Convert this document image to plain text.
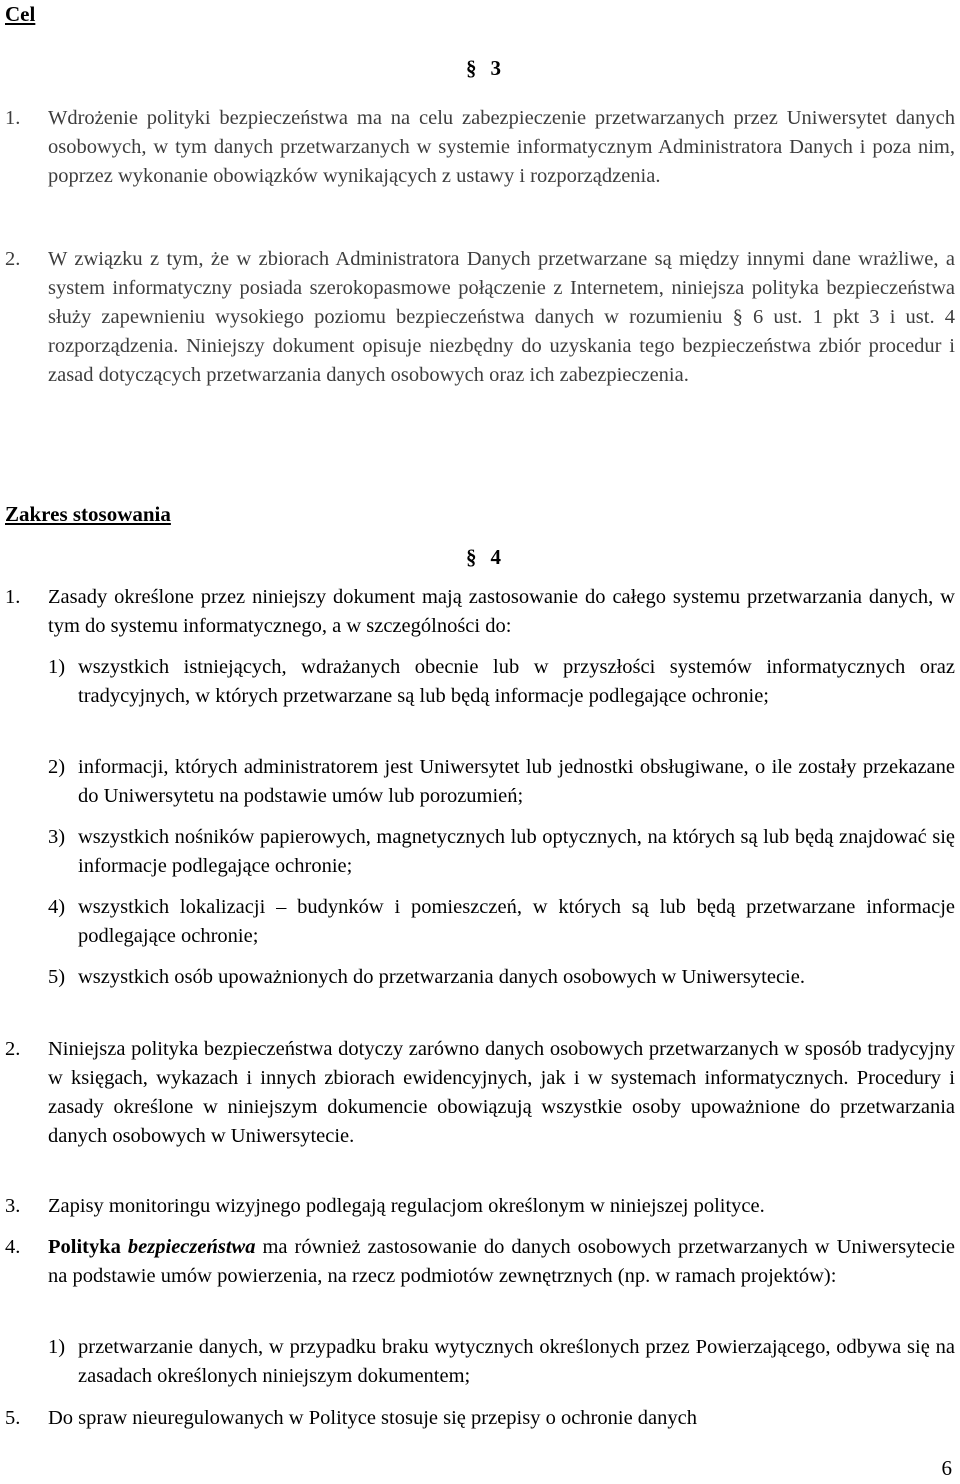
Cel
§ 3
1. Wdrożenie polityki bezpieczeństwa ma na celu zabezpieczenie przetwarzanych przez Uniwersytet danych osobowych, w tym danych przetwarzanych w systemie informatycznym Administratora Danych i poza nim, poprzez wykonanie obowiązków wynikających z ustawy i rozporządzenia.
2. W związku z tym, że w zbiorach Administratora Danych przetwarzane są między innymi dane wrażliwe, a system informatyczny posiada szerokopasmowe połączenie z Internetem, niniejsza polityka bezpieczeństwa służy zapewnieniu wysokiego poziomu bezpieczeństwa danych w rozumieniu § 6 ust. 1 pkt 3 i ust. 4 rozporządzenia. Niniejszy dokument opisuje niezbędny do uzyskania tego bezpieczeństwa zbiór procedur i zasad dotyczących przetwarzania danych osobowych oraz ich zabezpieczenia.
Zakres stosowania
§ 4
1. Zasady określone przez niniejszy dokument mają zastosowanie do całego systemu przetwarzania danych, w tym do systemu informatycznego, a w szczególności do:
1) wszystkich istniejących, wdrażanych obecnie lub w przyszłości systemów informatycznych oraz tradycyjnych, w których przetwarzane są lub będą informacje podlegające ochronie;
2) informacji, których administratorem jest Uniwersytet lub jednostki obsługiwane, o ile zostały przekazane do Uniwersytetu na podstawie umów lub porozumień;
3) wszystkich nośników papierowych, magnetycznych lub optycznych, na których są lub będą znajdować się informacje podlegające ochronie;
4) wszystkich lokalizacji – budynków i pomieszczeń, w których są lub będą przetwarzane informacje podlegające ochronie;
5) wszystkich osób upoważnionych do przetwarzania danych osobowych w Uniwersytecie.
2. Niniejsza polityka bezpieczeństwa dotyczy zarówno danych osobowych przetwarzanych w sposób tradycyjny w księgach, wykazach i innych zbiorach ewidencyjnych, jak i w systemach informatycznych. Procedury i zasady określone w niniejszym dokumencie obowiązują wszystkie osoby upoważnione do przetwarzania danych osobowych w Uniwersytecie.
3. Zapisy monitoringu wizyjnego podlegają regulacjom określonym w niniejszej polityce.
4. Polityka bezpieczeństwa ma również zastosowanie do danych osobowych przetwarzanych w Uniwersytecie na podstawie umów powierzenia, na rzecz podmiotów zewnętrznych (np. w ramach projektów):
1) przetwarzanie danych, w przypadku braku wytycznych określonych przez Powierzającego, odbywa się na zasadach określonych niniejszym dokumentem;
5. Do spraw nieuregulowanych w Polityce stosuje się przepisy o ochronie danych
6
